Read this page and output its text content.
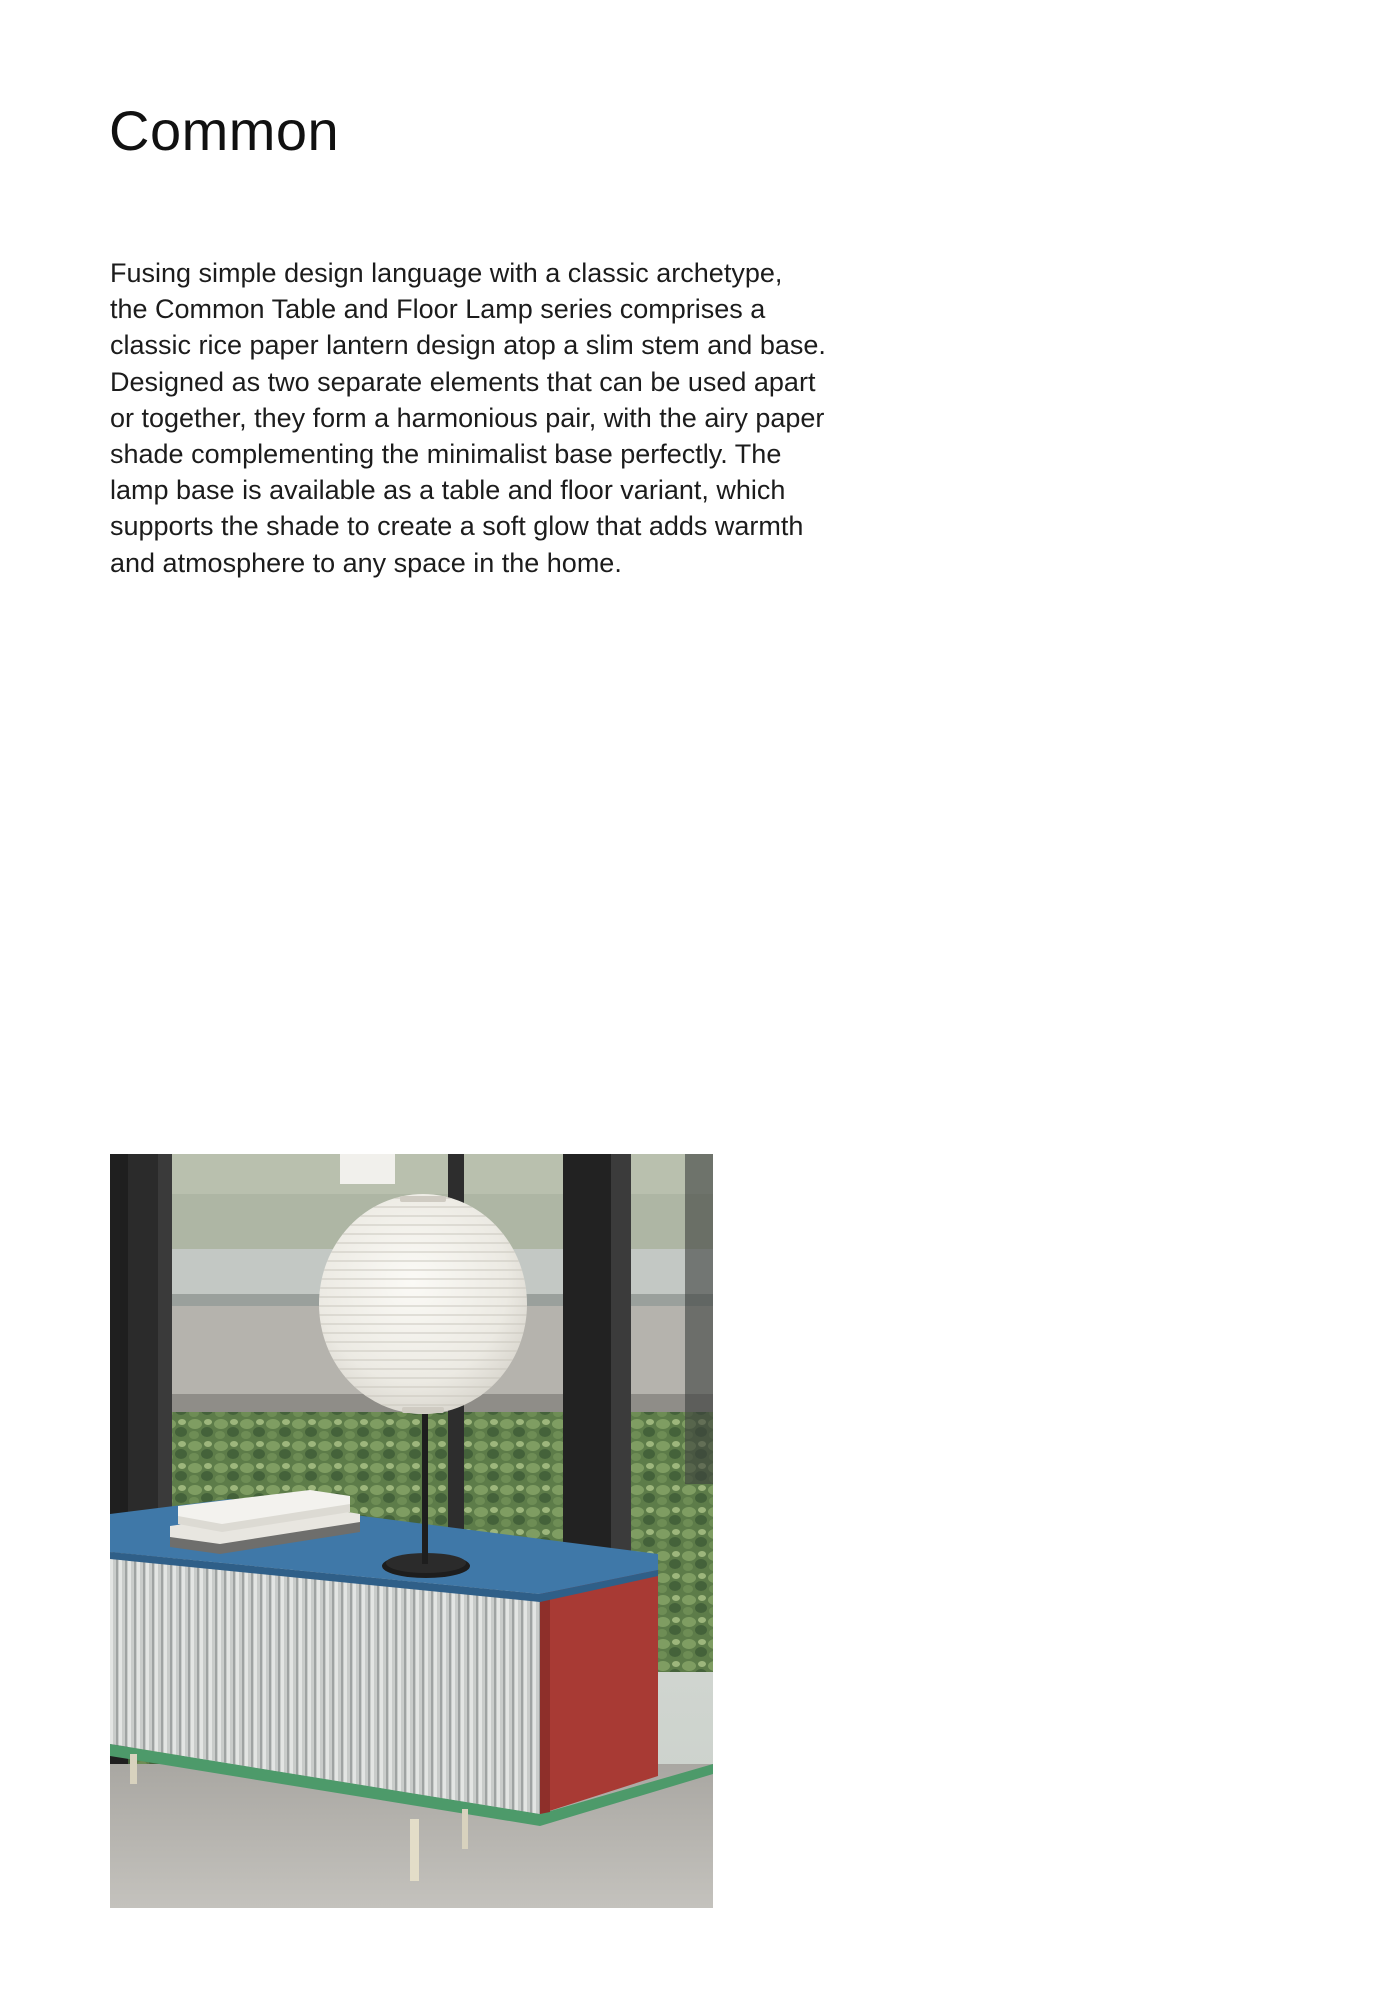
Common

Fusing simple design language with a classic archetype,
the Common Table and Floor Lamp series comprises a
classic rice paper lantern design atop a slim stem and base.
Designed as two separate elements that can be used apart
or together, they form a harmonious pair, with the airy paper
shade complementing the minimalist base perfectly. The
lamp base is available as a table and floor variant, which
supports the shade to create a soft glow that adds warmth
and atmosphere to any space in the home.
